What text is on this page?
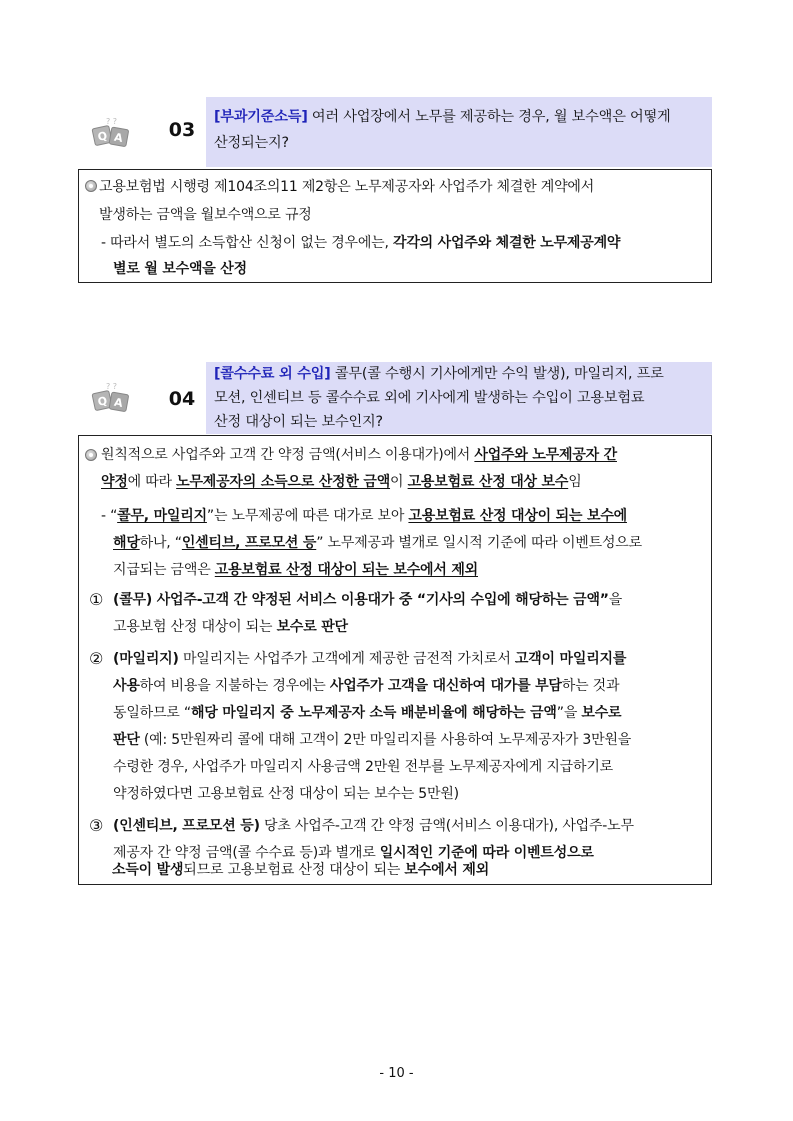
? ?
Q A	03
[부과기준소득] 여러 사업장에서 노무를 제공하는 경우, 월 보수액은 어떻게
산정되는지?
고용보험법 시행령 제104조의11 제2항은 노무제공자와 사업주가 체결한 계약에서
발생하는 금액을 월보수액으로 규정
- 따라서 별도의 소득합산 신청이 없는 경우에는, 각각의 사업주와 체결한 노무제공계약
별로 월 보수액을 산정
? ?
Q A	04
[콜수수료 외 수입] 콜무(콜 수행시 기사에게만 수익 발생), 마일리지, 프로
모션, 인센티브 등 콜수수료 외에 기사에게 발생하는 수입이 고용보험료
산정 대상이 되는 보수인지?
원칙적으로 사업주와 고객 간 약정 금액(서비스 이용대가)에서 사업주와 노무제공자 간
약정에 따라 노무제공자의 소득으로 산정한 금액이 고용보험료 산정 대상 보수임
- “콜무, 마일리지”는 노무제공에 따른 대가로 보아 고용보험료 산정 대상이 되는 보수에
해당하나, “인센티브, 프로모션 등” 노무제공과 별개로 일시적 기준에 따라 이벤트성으로
지급되는 금액은 고용보험료 산정 대상이 되는 보수에서 제외
① (콜무) 사업주-고객 간 약정된 서비스 이용대가 중 “기사의 수입에 해당하는 금액”을
고용보험 산정 대상이 되는 보수로 판단
② (마일리지) 마일리지는 사업주가 고객에게 제공한 금전적 가치로서 고객이 마일리지를
사용하여 비용을 지불하는 경우에는 사업주가 고객을 대신하여 대가를 부담하는 것과
동일하므로 “해당 마일리지 중 노무제공자 소득 배분비율에 해당하는 금액”을 보수로
판단 (예: 5만원짜리 콜에 대해 고객이 2만 마일리지를 사용하여 노무제공자가 3만원을
수령한 경우, 사업주가 마일리지 사용금액 2만원 전부를 노무제공자에게 지급하기로
약정하였다면 고용보험료 산정 대상이 되는 보수는 5만원)
③ (인센티브, 프로모션 등) 당초 사업주-고객 간 약정 금액(서비스 이용대가), 사업주-노무
제공자 간 약정 금액(콜 수수료 등)과 별개로 일시적인 기준에 따라 이벤트성으로
소득이 발생되므로 고용보험료 산정 대상이 되는 보수에서 제외
- 10 -
